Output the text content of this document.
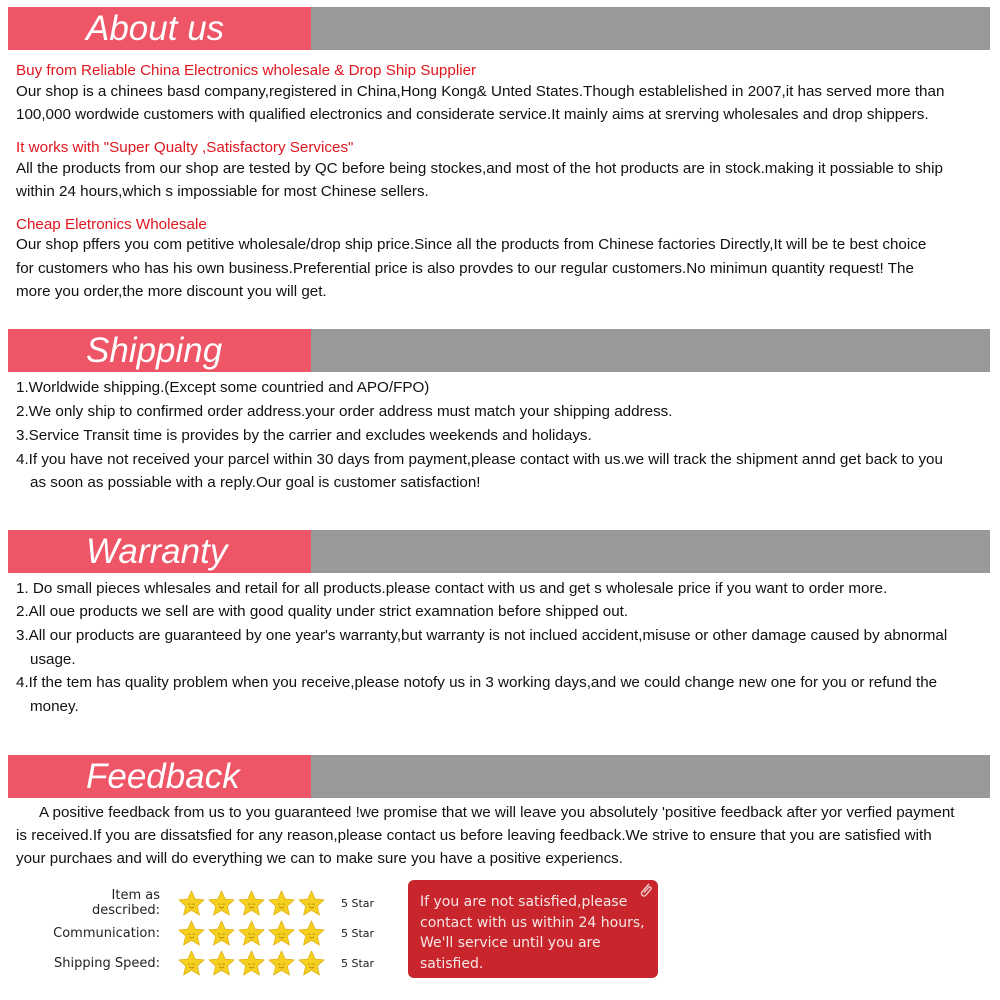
About us
Buy from Reliable China Electronics wholesale & Drop Ship Supplier
Our shop is a chinees basd company,registered in China,Hong Kong& Unted States.Though establelished in 2007,it has served more than
100,000 wordwide customers with qualified electronics and considerate service.It mainly aims at srerving wholesales and drop shippers.
It works with "Super Qualty ,Satisfactory Services"
All the products from our shop are tested by QC before being stockes,and most of the hot products are in stock.making it possiable to ship
within 24 hours,which s impossiable for most Chinese sellers.
Cheap Eletronics Wholesale
Our shop pffers you com petitive wholesale/drop ship price.Since all the products from Chinese factories Directly,It will be te best choice
for customers who has his own business.Preferential price is also provdes to our regular customers.No minimun quantity request! The
more you order,the more discount you will get.
Shipping
1.Worldwide shipping.(Except some countried and APO/FPO)
2.We only ship to confirmed order address.your order address must match your shipping address.
3.Service Transit time is provides by the carrier and excludes weekends and holidays.
4.If you have not received your parcel within 30 days from payment,please contact with us.we will track the shipment annd get back to you
as soon as possiable with a reply.Our goal is customer satisfaction!
Warranty
1. Do small pieces whlesales and retail for all products.please contact with us and get s wholesale price if you want to order more.
2.All oue products we sell are with good quality under strict examnation before shipped out.
3.All our products are guaranteed by one year's warranty,but warranty is not inclued accident,misuse or other damage caused by abnormal
usage.
4.If the tem has quality problem when you receive,please notofy us in 3 working days,and we could change new one for you or refund the
money.
Feedback
A positive feedback from us to you guaranteed !we promise that we will leave you absolutely 'positive feedback after yor verfied payment
is received.If you are dissatsfied for any reason,please contact us before leaving feedback.We strive to ensure that you are satisfied with
your purchaes and will do everything we can to make sure you have a positive experiencs.
Item as described:	5 Star
Communication:	5 Star
Shipping Speed:	5 Star
If you are not satisfied,please
contact with us within 24 hours,
We'll service until you are
satisfied.
